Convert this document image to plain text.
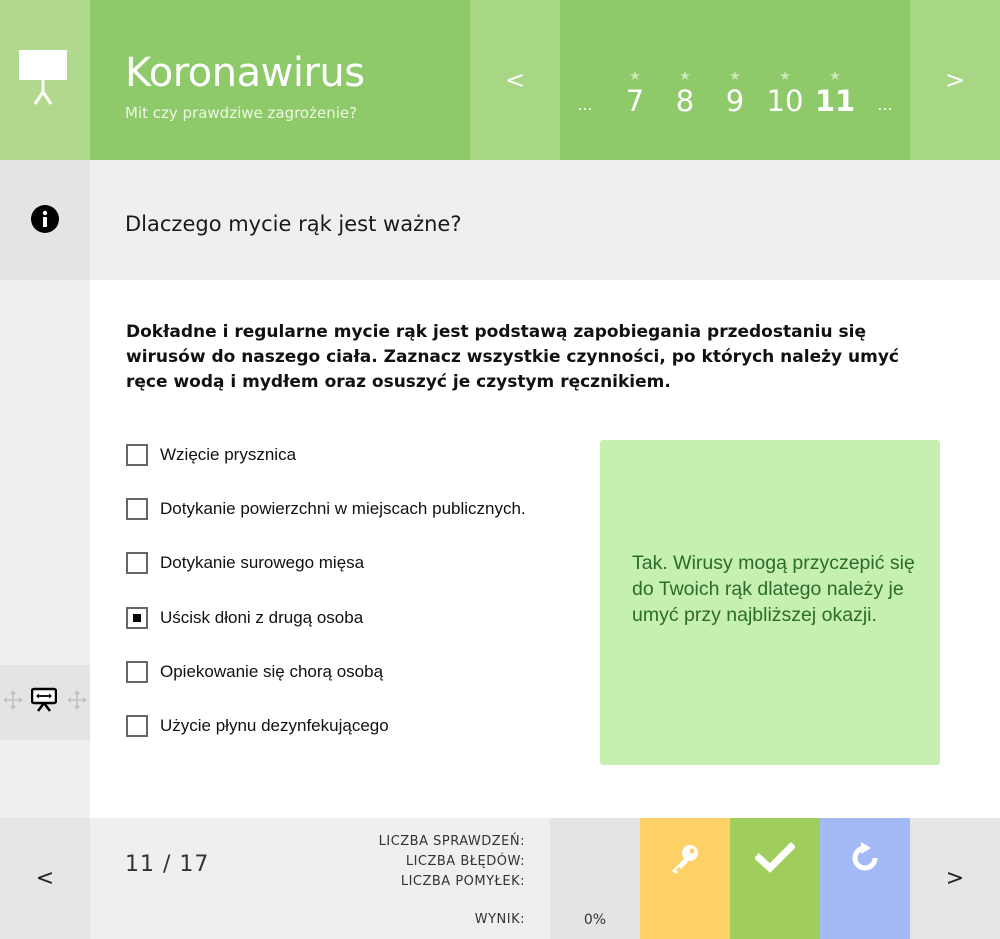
Koronawirus
Mit czy prawdziwe zagrożenie?
<
...
★
7
★
8
★
9
★
10
★
11	...
>
Dlaczego mycie rąk jest ważne?
Dokładne i regularne mycie rąk jest podstawą zapobiegania przedostaniu się wirusów do naszego ciała. Zaznacz wszystkie czynności, po których należy umyć ręce wodą i mydłem oraz osuszyć je czystym ręcznikiem.
Wzięcie prysznica
Dotykanie powierzchni w miejscach publicznych.
Dotykanie surowego mięsa
Uścisk dłoni z drugą osoba
Opiekowanie się chorą osobą
Użycie płynu dezynfekującego

Tak. Wirusy mogą przyczepić się do Twoich rąk dlatego należy je umyć przy najbliższej okazji.

<
11 / 17
LICZBA SPRAWDZEŃ:
LICZBA BŁĘDÓW:
LICZBA POMYŁEK:
WYNIK:	0%
>
